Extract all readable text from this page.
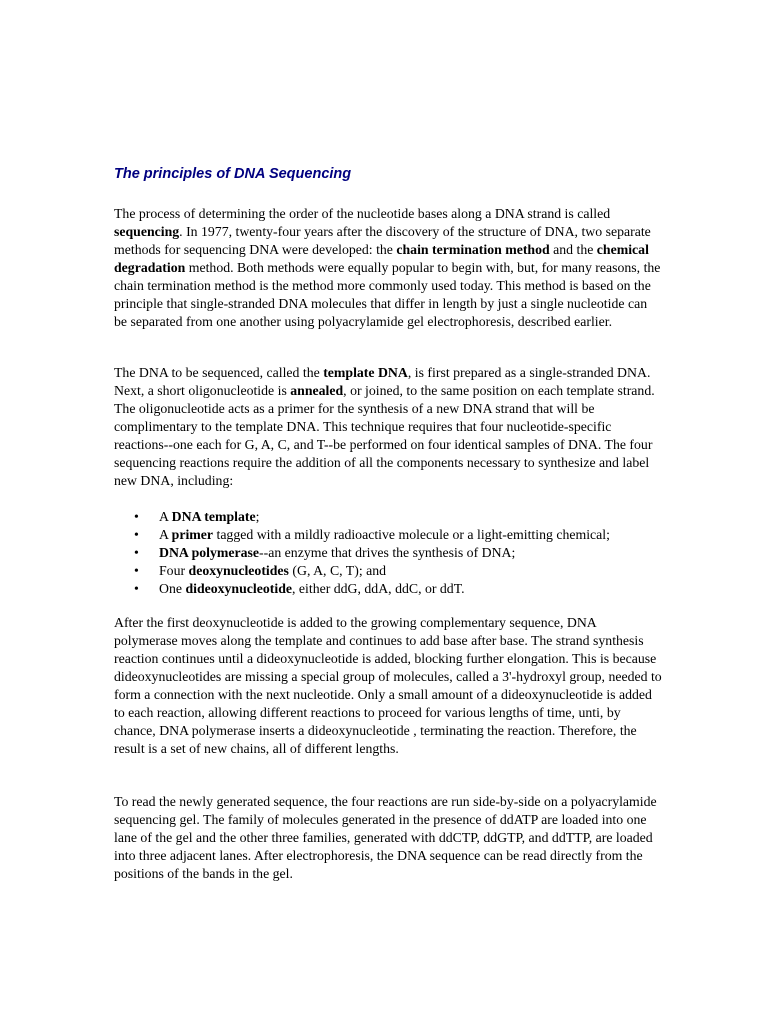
The principles of DNA Sequencing

The process of determining the order of the nucleotide bases along a DNA strand is called sequencing. In 1977, twenty-four years after the discovery of the structure of DNA, two separate methods for sequencing DNA were developed: the chain termination method and the chemical degradation method. Both methods were equally popular to begin with, but, for many reasons, the chain termination method is the method more commonly used today. This method is based on the principle that single-stranded DNA molecules that differ in length by just a single nucleotide can be separated from one another using polyacrylamide gel electrophoresis, described earlier.

The DNA to be sequenced, called the template DNA, is first prepared as a single-stranded DNA. Next, a short oligonucleotide is annealed, or joined, to the same position on each template strand. The oligonucleotide acts as a primer for the synthesis of a new DNA strand that will be complimentary to the template DNA. This technique requires that four nucleotide-specific reactions--one each for G, A, C, and T--be performed on four identical samples of DNA. The four sequencing reactions require the addition of all the components necessary to synthesize and label new DNA, including:

• A DNA template;
• A primer tagged with a mildly radioactive molecule or a light-emitting chemical;
• DNA polymerase--an enzyme that drives the synthesis of DNA;
• Four deoxynucleotides (G, A, C, T); and
• One dideoxynucleotide, either ddG, ddA, ddC, or ddT.

After the first deoxynucleotide is added to the growing complementary sequence, DNA polymerase moves along the template and continues to add base after base. The strand synthesis reaction continues until a dideoxynucleotide is added, blocking further elongation. This is because dideoxynucleotides are missing a special group of molecules, called a 3'-hydroxyl group, needed to form a connection with the next nucleotide. Only a small amount of a dideoxynucleotide is added to each reaction, allowing different reactions to proceed for various lengths of time, unti, by chance, DNA polymerase inserts a dideoxynucleotide , terminating the reaction. Therefore, the result is a set of new chains, all of different lengths.

To read the newly generated sequence, the four reactions are run side-by-side on a polyacrylamide sequencing gel. The family of molecules generated in the presence of ddATP are loaded into one lane of the gel and the other three families, generated with ddCTP, ddGTP, and ddTTP, are loaded into three adjacent lanes. After electrophoresis, the DNA sequence can be read directly from the positions of the bands in the gel.
